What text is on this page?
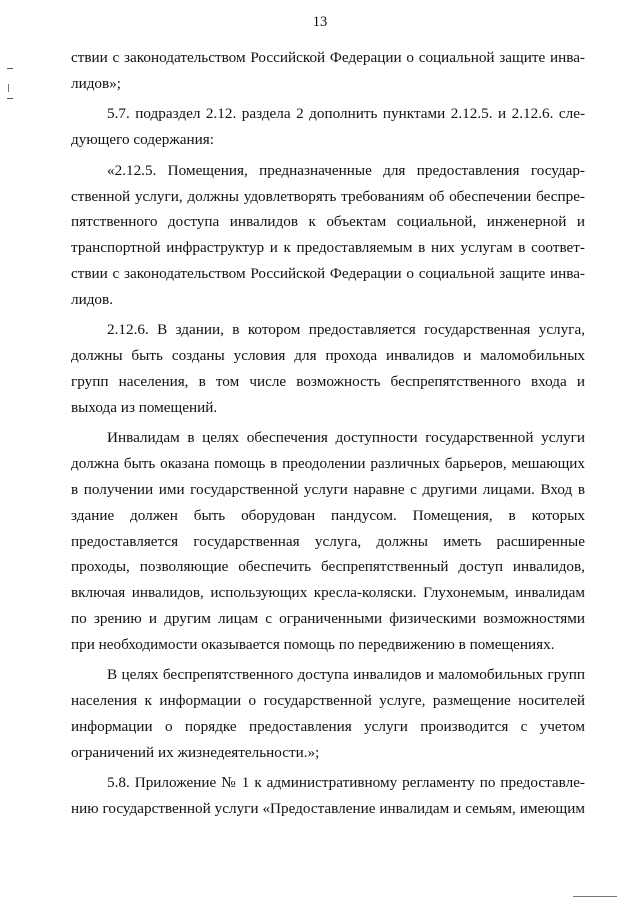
13
ствии с законодательством Российской Федерации о социальной защите инва-
лидов»;
5.7. подраздел 2.12. раздела 2 дополнить пунктами 2.12.5. и 2.12.6. сле-
дующего содержания:
«2.12.5. Помещения, предназначенные для предоставления государ-
ственной услуги, должны удовлетворять требованиям об обеспечении беспре-
пятственного доступа инвалидов к объектам социальной, инженерной и
транспортной инфраструктур и к предоставляемым в них услугам в соответ-
ствии с законодательством Российской Федерации о социальной защите инва-
лидов.
2.12.6. В здании, в котором предоставляется государственная услуга,
должны быть созданы условия для прохода инвалидов и маломобильных
групп населения, в том числе возможность беспрепятственного входа и
выхода из помещений.
Инвалидам в целях обеспечения доступности государственной услуги
должна быть оказана помощь в преодолении различных барьеров, мешающих
в получении ими государственной услуги наравне с другими лицами. Вход в
здание должен быть оборудован пандусом. Помещения, в которых
предоставляется государственная услуга, должны иметь расширенные
проходы, позволяющие обеспечить беспрепятственный доступ инвалидов,
включая инвалидов, использующих кресла-коляски. Глухонемым, инвалидам
по зрению и другим лицам с ограниченными физическими возможностями
при необходимости оказывается помощь по передвижению в помещениях.
В целях беспрепятственного доступа инвалидов и маломобильных групп
населения к информации о государственной услуге, размещение носителей
информации о порядке предоставления услуги производится с учетом
ограничений их жизнедеятельности.»;
5.8. Приложение № 1 к административному регламенту по предоставле-
нию государственной услуги «Предоставление инвалидам и семьям, имеющим
